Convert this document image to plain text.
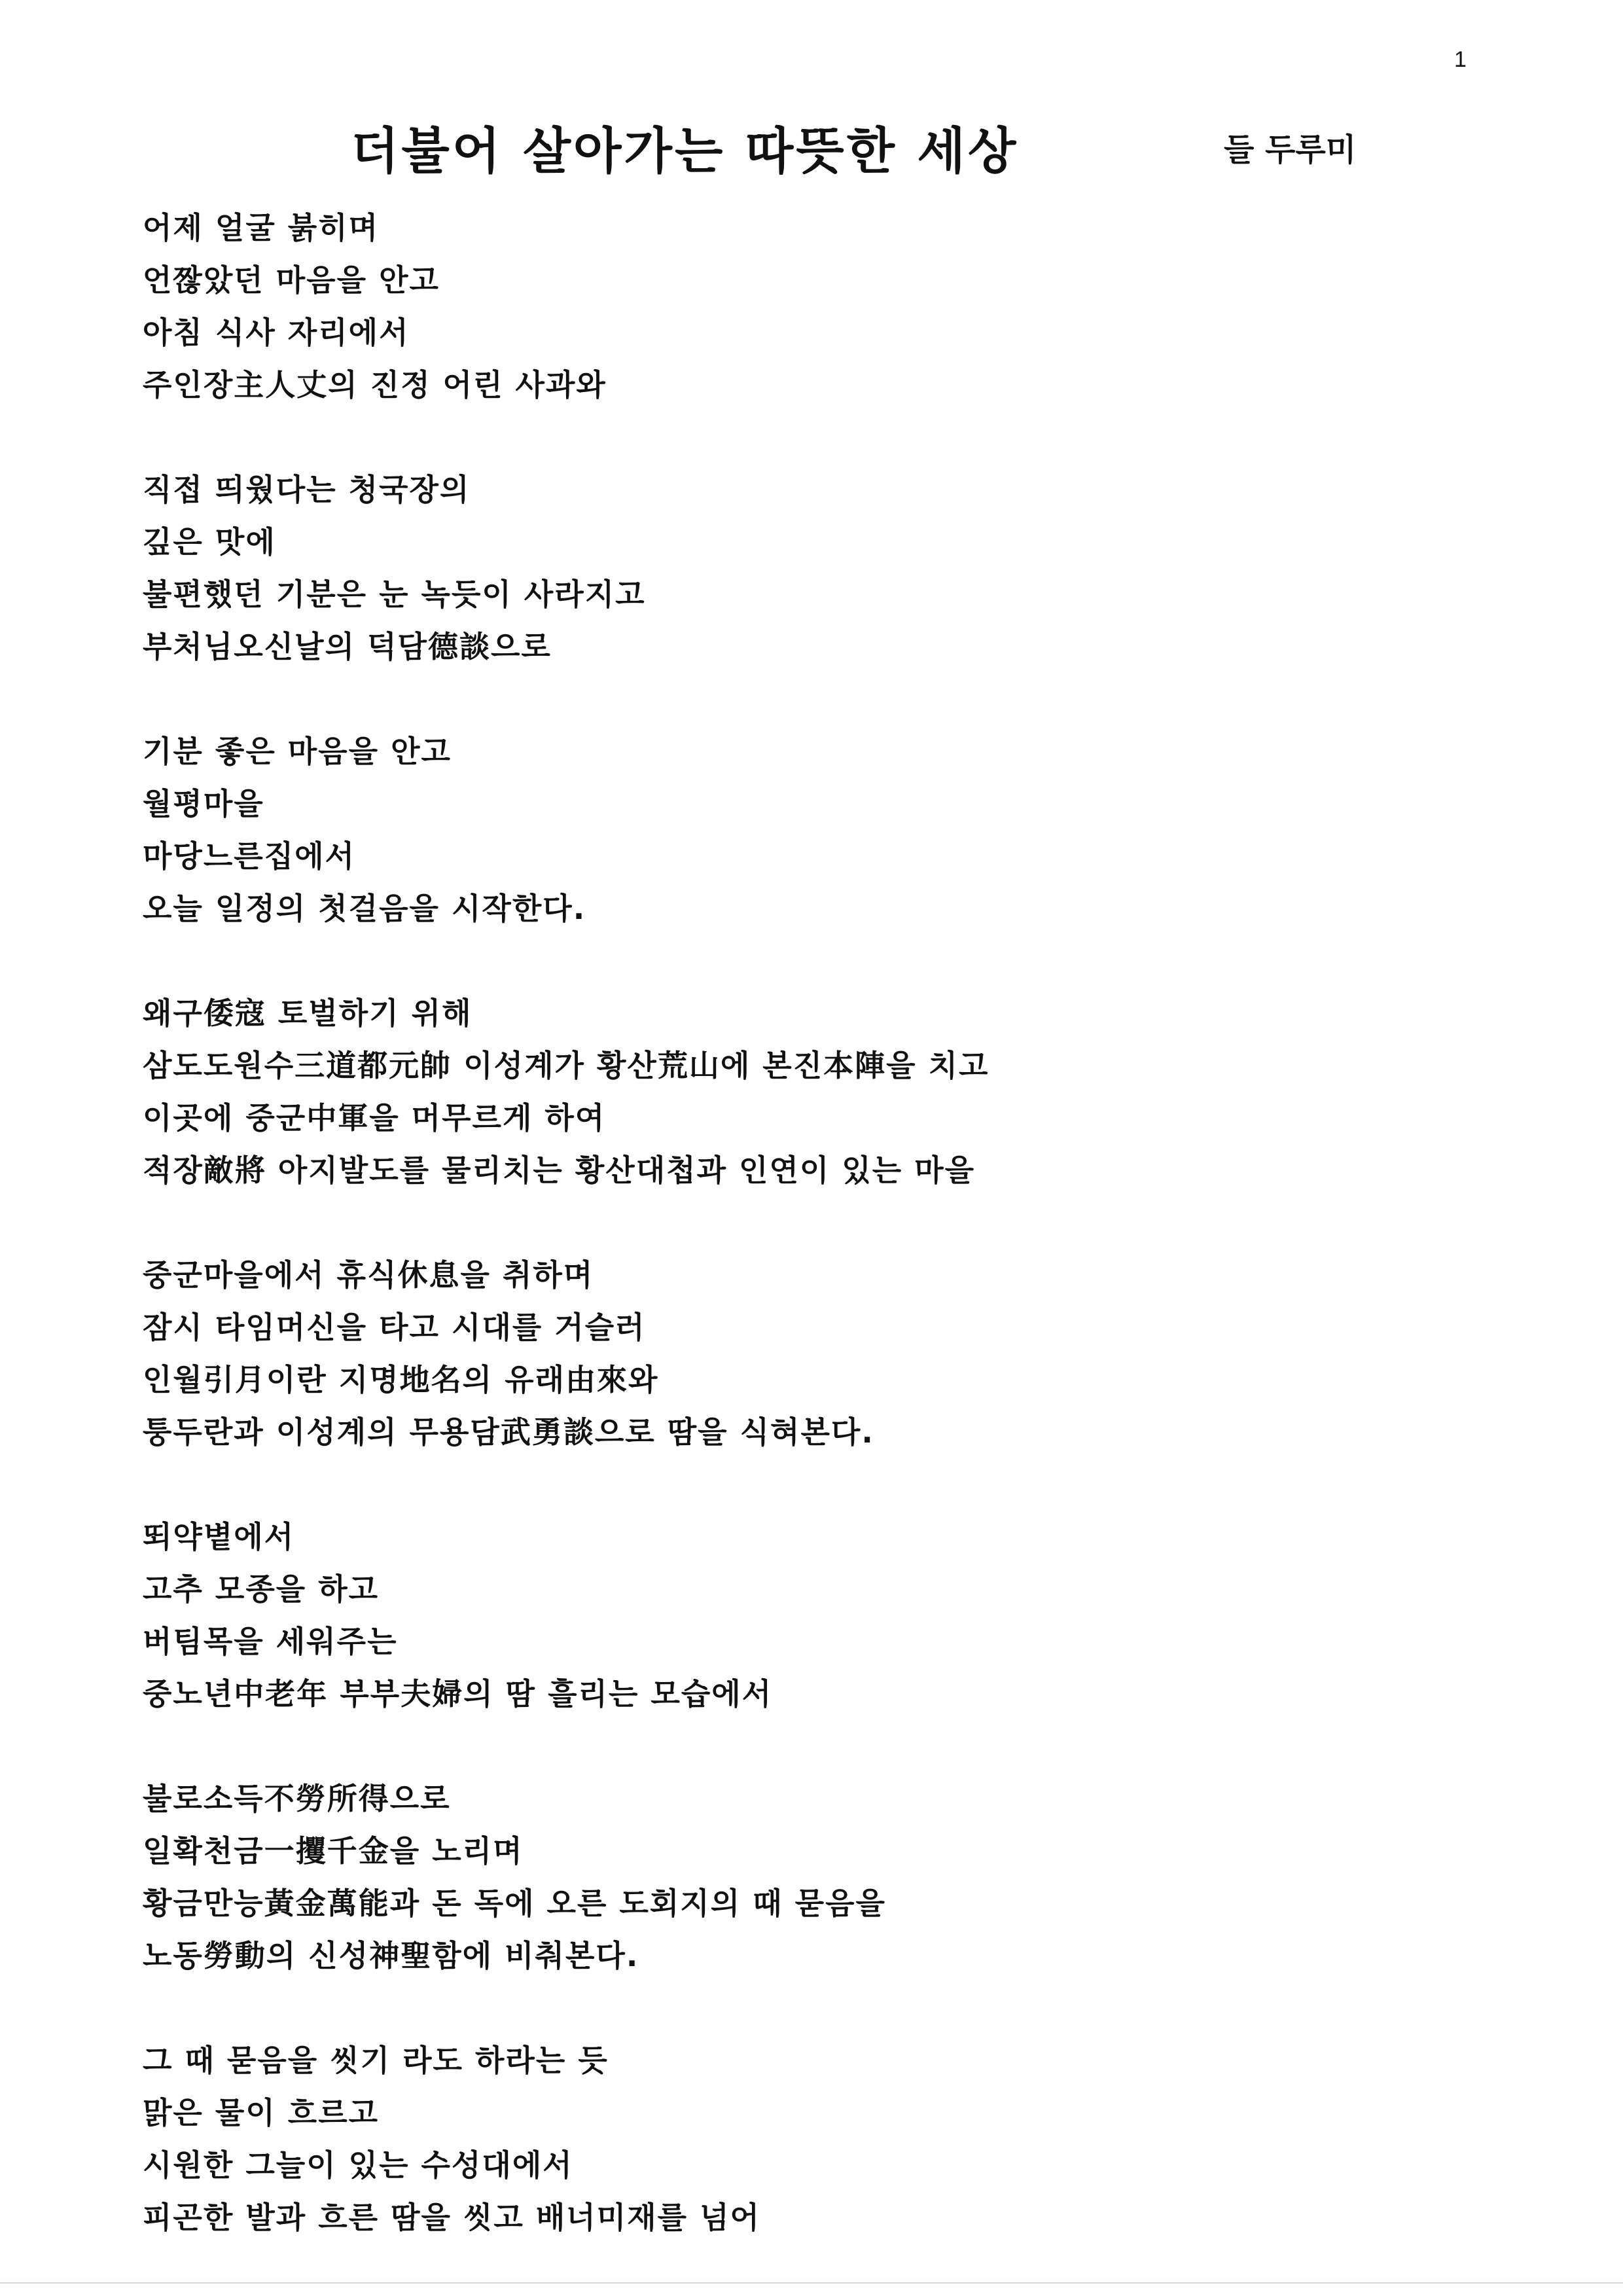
1
더불어 살아가는 따뜻한 세상	들 두루미
어제 얼굴 붉히며
언짢았던 마음을 안고
아침 식사 자리에서
주인장主人丈의 진정 어린 사과와
직접 띄웠다는 청국장의
깊은 맛에
불편했던 기분은 눈 녹듯이 사라지고
부처님오신날의 덕담德談으로
기분 좋은 마음을 안고
월평마을
마당느른집에서
오늘 일정의 첫걸음을 시작한다.
왜구倭寇 토벌하기 위해
삼도도원수三道都元帥 이성계가 황산荒山에 본진本陣을 치고
이곳에 중군中軍을 머무르게 하여
적장敵將 아지발도를 물리치는 황산대첩과 인연이 있는 마을
중군마을에서 휴식休息을 취하며
잠시 타임머신을 타고 시대를 거슬러
인월引月이란 지명地名의 유래由來와
퉁두란과 이성계의 무용담武勇談으로 땀을 식혀본다.
뙤약볕에서
고추 모종을 하고
버팀목을 세워주는
중노년中老年 부부夫婦의 땀 흘리는 모습에서
불로소득不勞所得으로
일확천금一攫千金을 노리며
황금만능黃金萬能과 돈 독에 오른 도회지의 때 묻음을
노동勞動의 신성神聖함에 비춰본다.
그 때 묻음을 씻기 라도 하라는 듯
맑은 물이 흐르고
시원한 그늘이 있는 수성대에서
피곤한 발과 흐른 땀을 씻고 배너미재를 넘어
